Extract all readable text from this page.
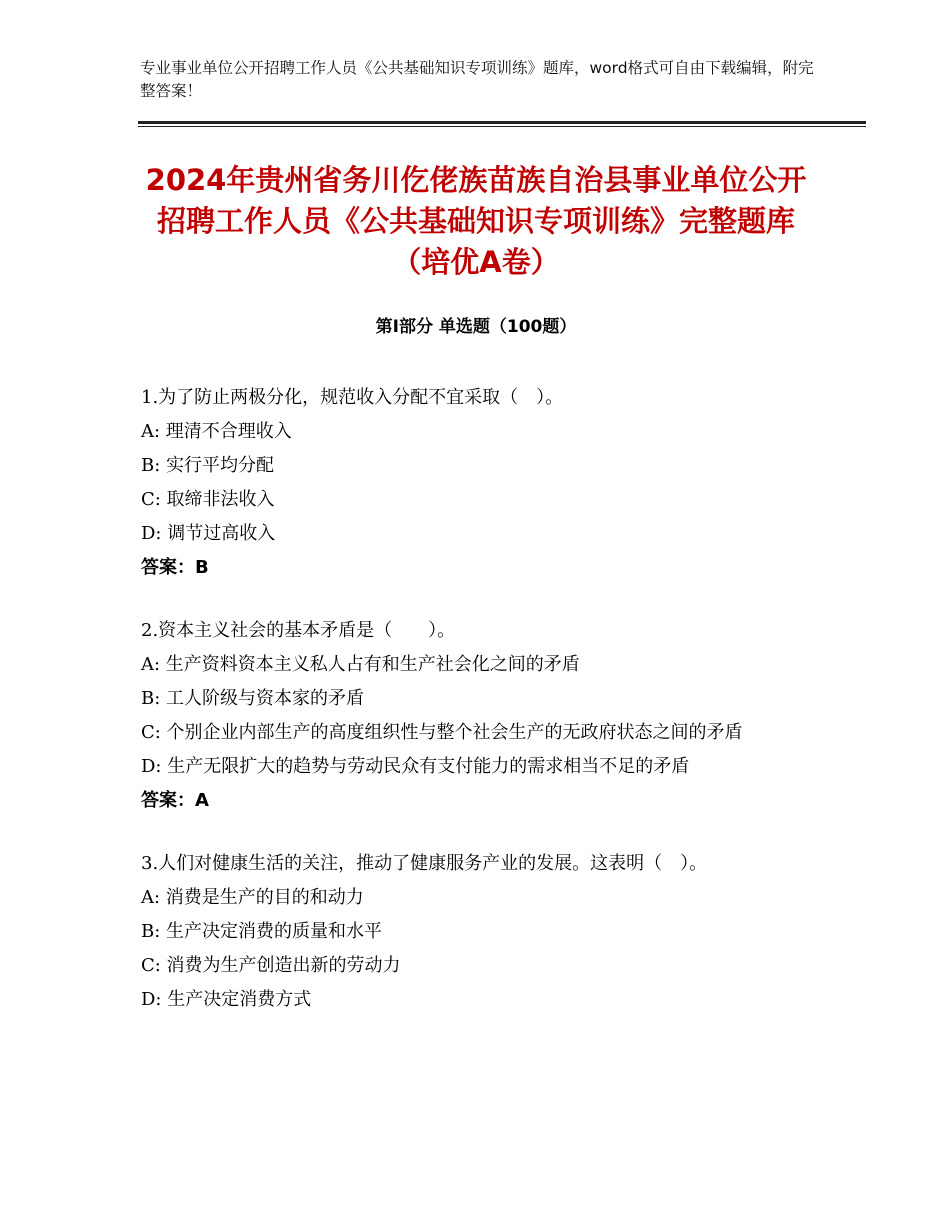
专业事业单位公开招聘工作人员《公共基础知识专项训练》题库，word格式可自由下载编辑，附完整答案！
2024年贵州省务川仡佬族苗族自治县事业单位公开招聘工作人员《公共基础知识专项训练》完整题库（培优A卷）
第Ⅰ部分 单选题（100题）
1.为了防止两极分化，规范收入分配不宜采取（　）。
A: 理清不合理收入
B: 实行平均分配
C: 取缔非法收入
D: 调节过高收入
答案：B
2.资本主义社会的基本矛盾是（　　）。
A: 生产资料资本主义私人占有和生产社会化之间的矛盾
B: 工人阶级与资本家的矛盾
C: 个别企业内部生产的高度组织性与整个社会生产的无政府状态之间的矛盾
D: 生产无限扩大的趋势与劳动民众有支付能力的需求相当不足的矛盾
答案：A
3.人们对健康生活的关注，推动了健康服务产业的发展。这表明（　）。
A: 消费是生产的目的和动力
B: 生产决定消费的质量和水平
C: 消费为生产创造出新的劳动力
D: 生产决定消费方式
